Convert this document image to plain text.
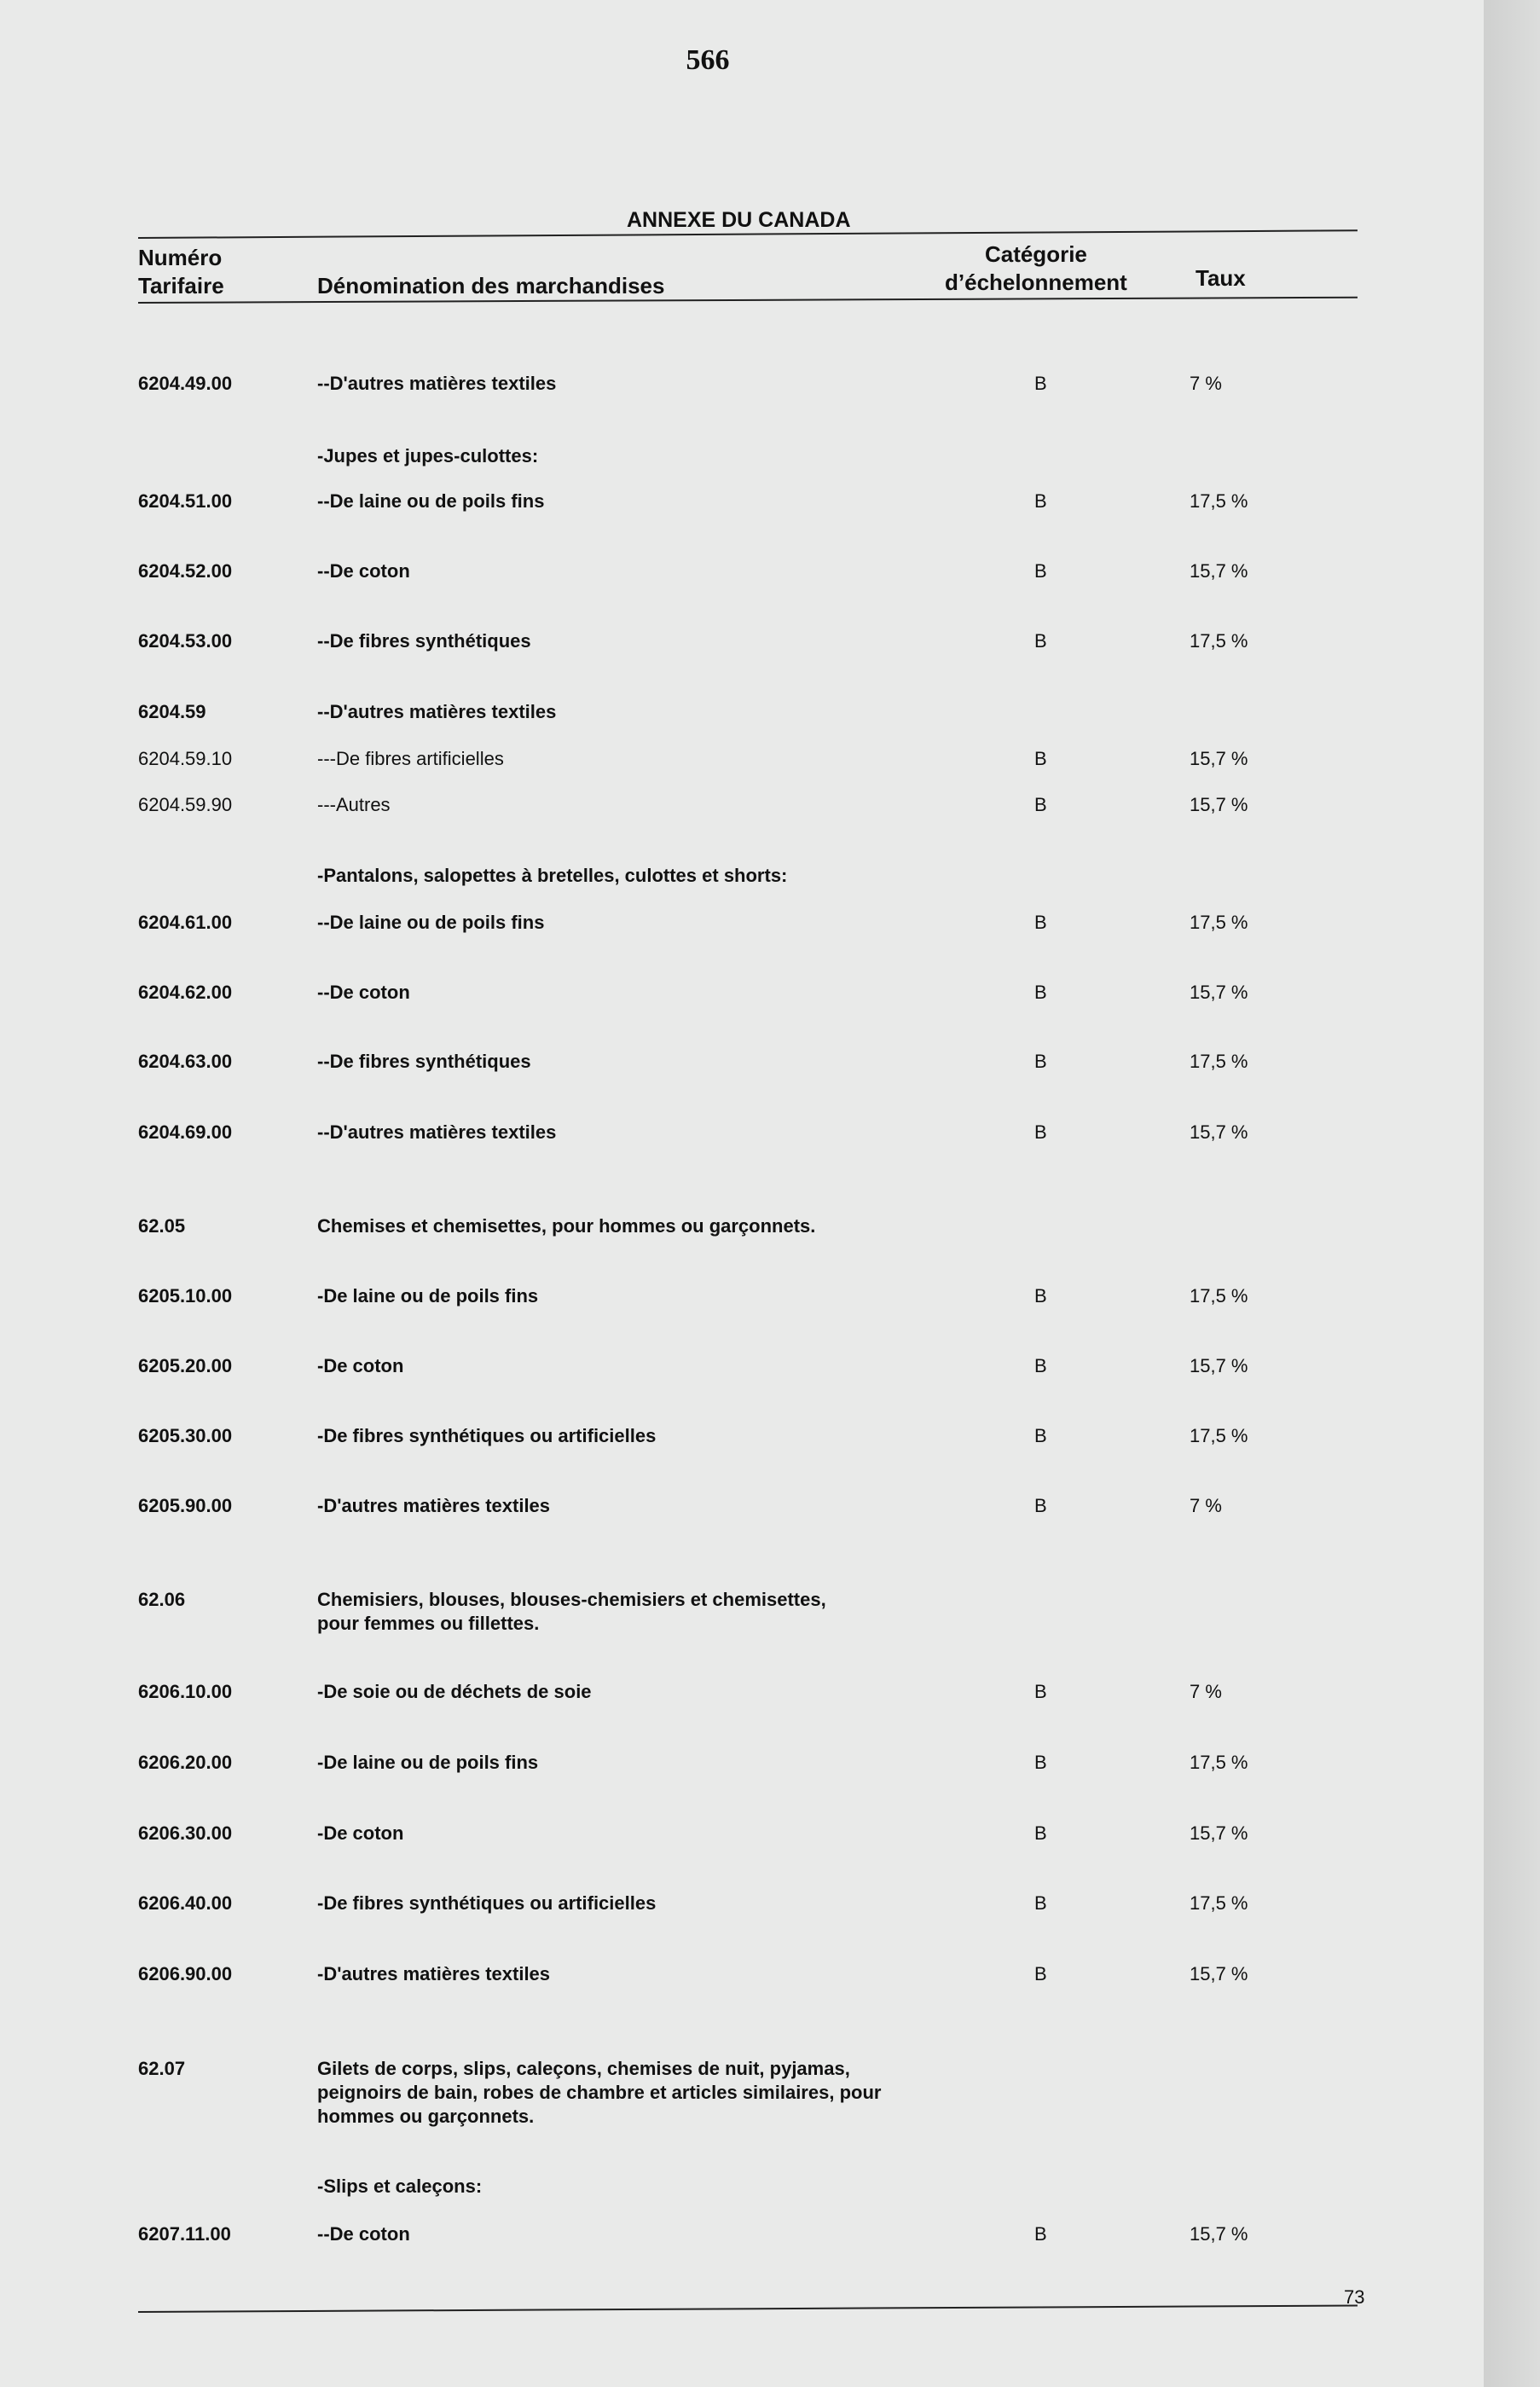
566
ANNEXE DU CANADA
Numéro
Tarifaire	Dénomination des marchandises
Catégorie
d’échelonnement	Taux
6204.49.00	--D'autres matières textiles	B	7 %
-Jupes et jupes-culottes:
6204.51.00	--De laine ou de poils fins	B	17,5 %
6204.52.00	--De coton	B	15,7 %
6204.53.00	--De fibres synthétiques	B	17,5 %
6204.59	--D'autres matières textiles
6204.59.10	---De fibres artificielles	B	15,7 %
6204.59.90	---Autres	B	15,7 %
-Pantalons, salopettes à bretelles, culottes et shorts:
6204.61.00	--De laine ou de poils fins	B	17,5 %
6204.62.00	--De coton	B	15,7 %
6204.63.00	--De fibres synthétiques	B	17,5 %
6204.69.00	--D'autres matières textiles	B	15,7 %
62.05	Chemises et chemisettes, pour hommes ou garçonnets.
6205.10.00	-De laine ou de poils fins	B	17,5 %
6205.20.00	-De coton	B	15,7 %
6205.30.00	-De fibres synthétiques ou artificielles	B	17,5 %
6205.90.00	-D'autres matières textiles	B	7 %
62.06	Chemisiers, blouses, blouses-chemisiers et chemisettes, pour femmes ou fillettes.
6206.10.00	-De soie ou de déchets de soie	B	7 %
6206.20.00	-De laine ou de poils fins	B	17,5 %
6206.30.00	-De coton	B	15,7 %
6206.40.00	-De fibres synthétiques ou artificielles	B	17,5 %
6206.90.00	-D'autres matières textiles	B	15,7 %
62.07	Gilets de corps, slips, caleçons, chemises de nuit, pyjamas, peignoirs de bain, robes de chambre et articles similaires, pour hommes ou garçonnets.
-Slips et caleçons:
6207.11.00	--De coton	B	15,7 %
73
